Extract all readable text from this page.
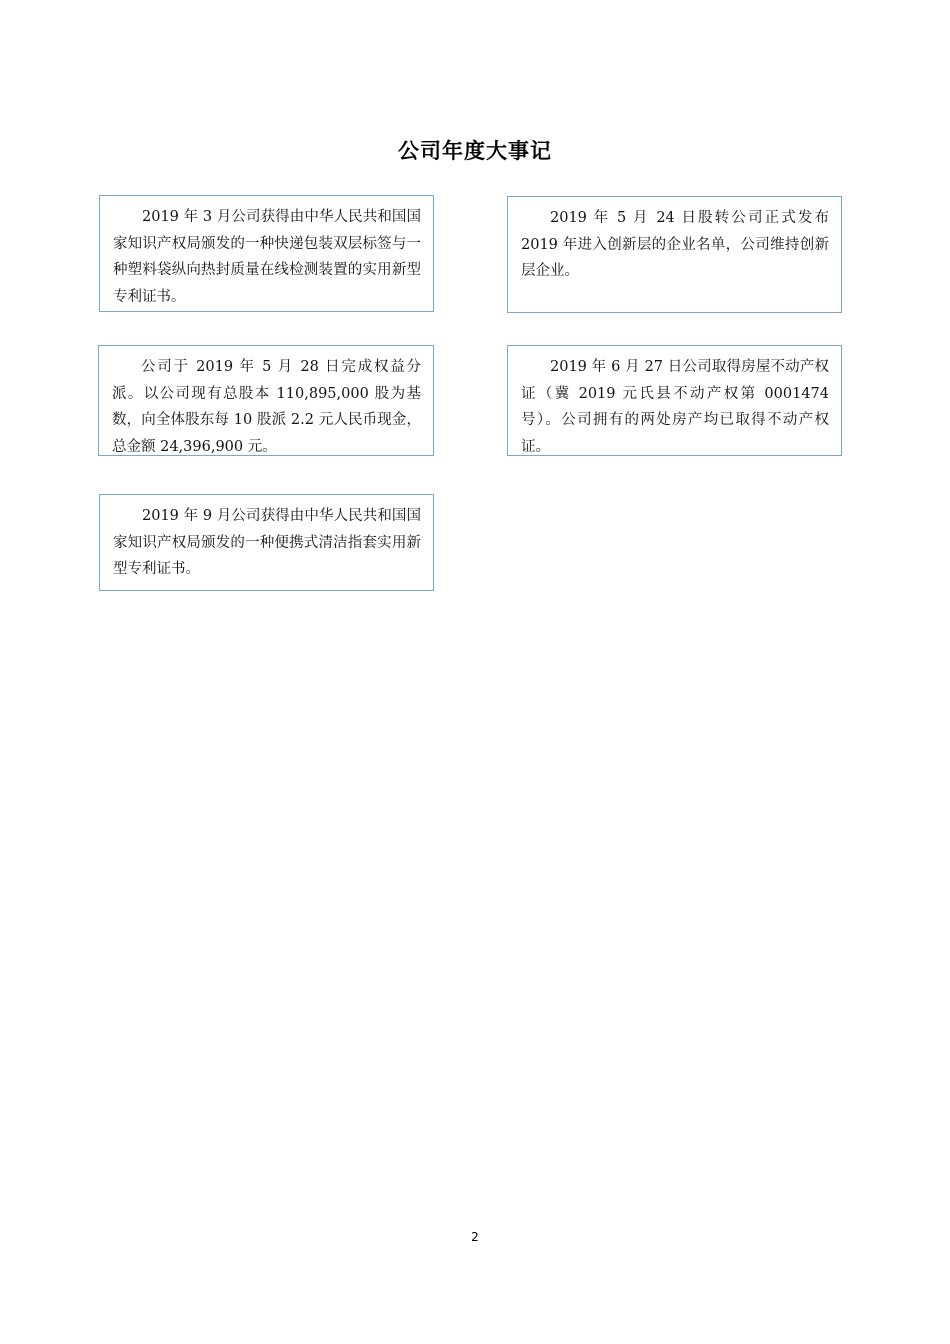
公司年度大事记
2019 年 3 月公司获得由中华人民共和国国家知识产权局颁发的一种快递包装双层标签与一种塑料袋纵向热封质量在线检测装置的实用新型专利证书。
2019 年 5 月 24 日股转公司正式发布 2019 年进入创新层的企业名单，公司维持创新层企业。
公司于 2019 年 5 月 28 日完成权益分派。以公司现有总股本 110,895,000 股为基数，向全体股东每 10 股派 2.2 元人民币现金，总金额 24,396,900 元。
2019 年 6 月 27 日公司取得房屋不动产权证（冀 2019 元氏县不动产权第 0001474 号）。公司拥有的两处房产均已取得不动产权证。
2019 年 9 月公司获得由中华人民共和国国家知识产权局颁发的一种便携式清洁指套实用新型专利证书。
2
